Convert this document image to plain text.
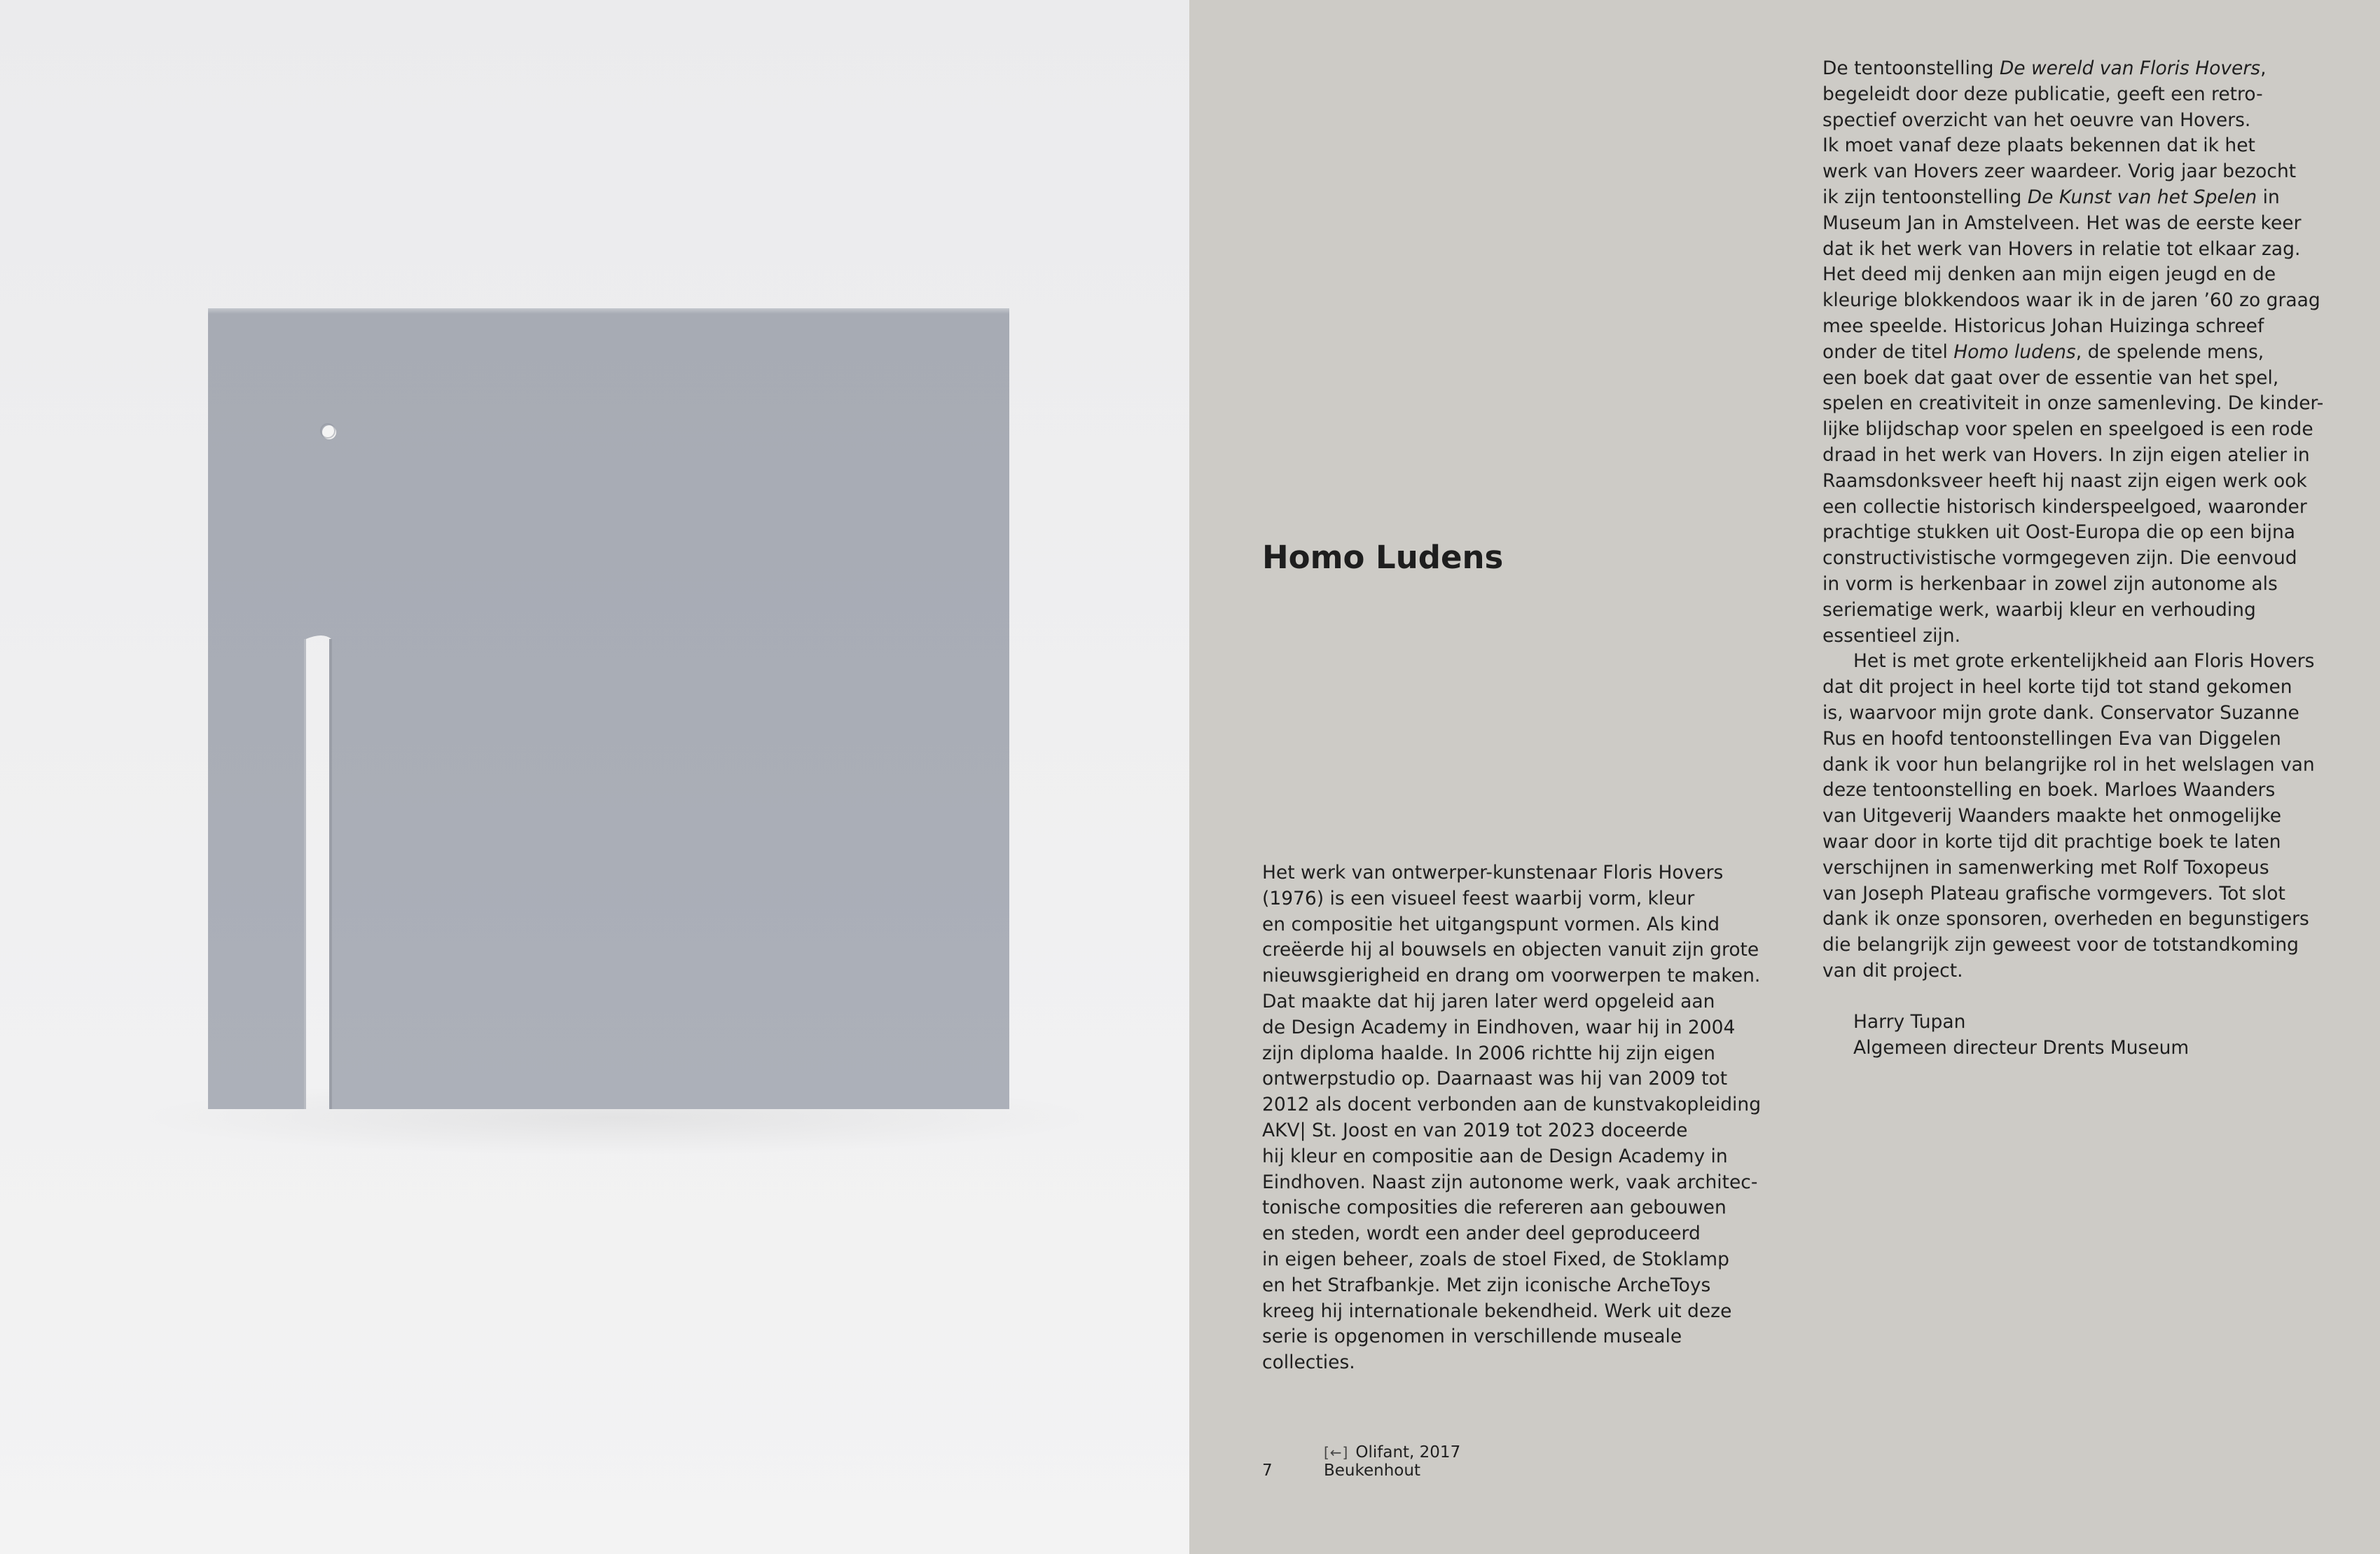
Homo Ludens
Het werk van ontwerper-kunstenaar Floris Hovers
(1976) is een visueel feest waarbij vorm, kleur
en compositie het uitgangspunt vormen. Als kind
creëerde hij al bouwsels en objecten vanuit zijn grote
nieuwsgierigheid en drang om voorwerpen te maken.
Dat maakte dat hij jaren later werd opgeleid aan
de Design Academy in Eindhoven, waar hij in 2004
zijn diploma haalde. In 2006 richtte hij zijn eigen
ontwerpstudio op. Daarnaast was hij van 2009 tot
2012 als docent verbonden aan de kunstvakopleiding
AKV| St. Joost en van 2019 tot 2023 doceerde
hij kleur en compositie aan de Design Academy in
Eindhoven. Naast zijn autonome werk, vaak architec-
tonische composities die refereren aan gebouwen
en steden, wordt een ander deel geproduceerd
in eigen beheer, zoals de stoel Fixed, de Stoklamp
en het Strafbankje. Met zijn iconische ArcheToys
kreeg hij internationale bekendheid. Werk uit deze
serie is opgenomen in verschillende museale
collecties.
De tentoonstelling De wereld van Floris Hovers,
begeleidt door deze publicatie, geeft een retro-
spectief overzicht van het oeuvre van Hovers.
Ik moet vanaf deze plaats bekennen dat ik het
werk van Hovers zeer waardeer. Vorig jaar bezocht
ik zijn tentoonstelling De Kunst van het Spelen in
Museum Jan in Amstelveen. Het was de eerste keer
dat ik het werk van Hovers in relatie tot elkaar zag.
Het deed mij denken aan mijn eigen jeugd en de
kleurige blokkendoos waar ik in de jaren ’60 zo graag
mee speelde. Historicus Johan Huizinga schreef
onder de titel Homo ludens, de spelende mens,
een boek dat gaat over de essentie van het spel,
spelen en creativiteit in onze samenleving. De kinder-
lijke blijdschap voor spelen en speelgoed is een rode
draad in het werk van Hovers. In zijn eigen atelier in
Raamsdonksveer heeft hij naast zijn eigen werk ook
een collectie historisch kinderspeelgoed, waaronder
prachtige stukken uit Oost-Europa die op een bijna
constructivistische vormgegeven zijn. Die eenvoud
in vorm is herkenbaar in zowel zijn autonome als
seriematige werk, waarbij kleur en verhouding
essentieel zijn.
Het is met grote erkentelijkheid aan Floris Hovers
dat dit project in heel korte tijd tot stand gekomen
is, waarvoor mijn grote dank. Conservator Suzanne
Rus en hoofd tentoonstellingen Eva van Diggelen
dank ik voor hun belangrijke rol in het welslagen van
deze tentoonstelling en boek. Marloes Waanders
van Uitgeverij Waanders maakte het onmogelijke
waar door in korte tijd dit prachtige boek te laten
verschijnen in samenwerking met Rolf Toxopeus
van Joseph Plateau grafische vormgevers. Tot slot
dank ik onze sponsoren, overheden en begunstigers
die belangrijk zijn geweest voor de totstandkoming
van dit project.
Harry Tupan
Algemeen directeur Drents Museum
7
[←] Olifant, 2017
Beukenhout
